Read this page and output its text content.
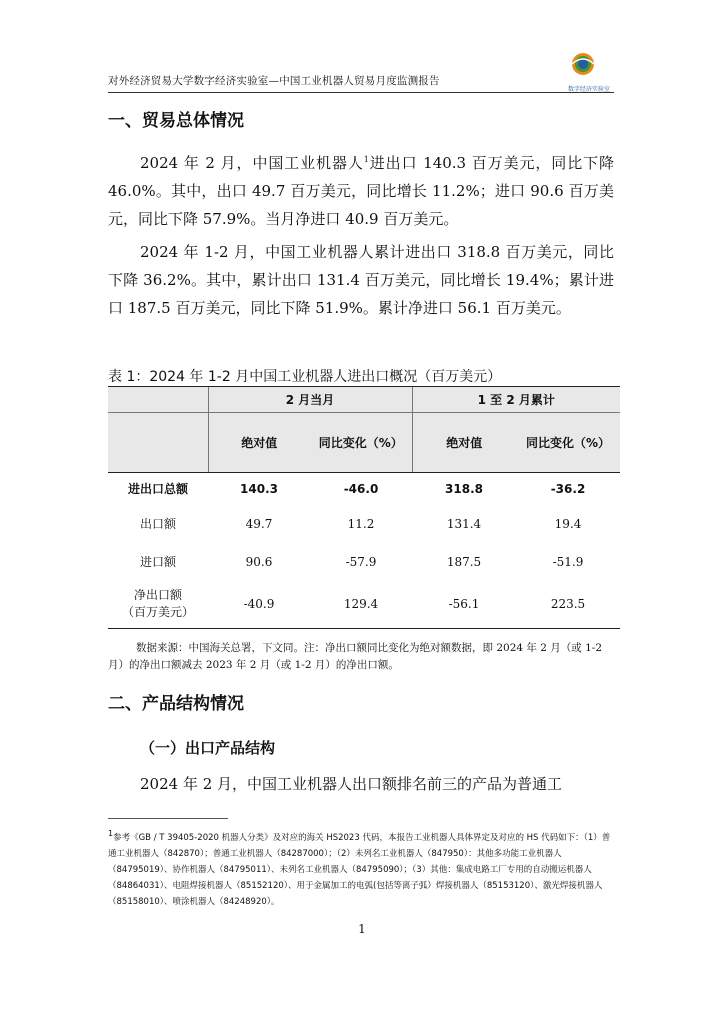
对外经济贸易大学数字经济实验室—中国工业机器人贸易月度监测报告
数字经济实验室
一、贸易总体情况

2024 年 2 月，中国工业机器人$^1$进出口 140.3 百万美元，同比下降 46.0%。其中，出口 49.7 百万美元，同比增长 11.2%；进口 90.6 百万美元，同比下降 57.9%。当月净进口 40.9 百万美元。

2024 年 1-2 月，中国工业机器人累计进出口 318.8 百万美元，同比下降 36.2%。其中，累计出口 131.4 百万美元，同比增长 19.4%；累计进口 187.5 百万美元，同比下降 51.9%。累计净进口 56.1 百万美元。

表 1：2024 年 1-2 月中国工业机器人进出口概况（百万美元）
	2 月当月		1 至 2 月累计	
	绝对值	同比变化（%）	绝对值	同比变化（%）
进出口总额	140.3	-46.0	318.8	-36.2
出口额	49.7	11.2	131.4	19.4
进口额	90.6	-57.9	187.5	-51.9
净出口额
（百万美元）	-40.9	129.4	-56.1	223.5

数据来源：中国海关总署，下文同。注：净出口额同比变化为绝对额数据，即 2024 年 2 月（或 1-2 月）的净出口额减去 2023 年 2 月（或 1-2 月）的净出口额。

二、产品结构情况
（一）出口产品结构

2024 年 2 月，中国工业机器人出口额排名前三的产品为普通工

$^1$参考《GB / T 39405-2020 机器人分类》及对应的海关 HS2023 代码，本报告工业机器人具体界定及对应的 HS 代码如下：（1）普通工业机器人（842870）；普通工业机器人（84287000）；（2）未列名工业机器人（847950）：其他多功能工业机器人（84795019）、协作机器人（84795011）、未列名工业机器人（84795090）；（3）其他：集成电路工厂专用的自动搬运机器人（84864031）、电阻焊接机器人（85152120）、用于金属加工的电弧(包括等离子弧）焊接机器人（85153120）、激光焊接机器人（85158010）、喷涂机器人（84248920）。

1
